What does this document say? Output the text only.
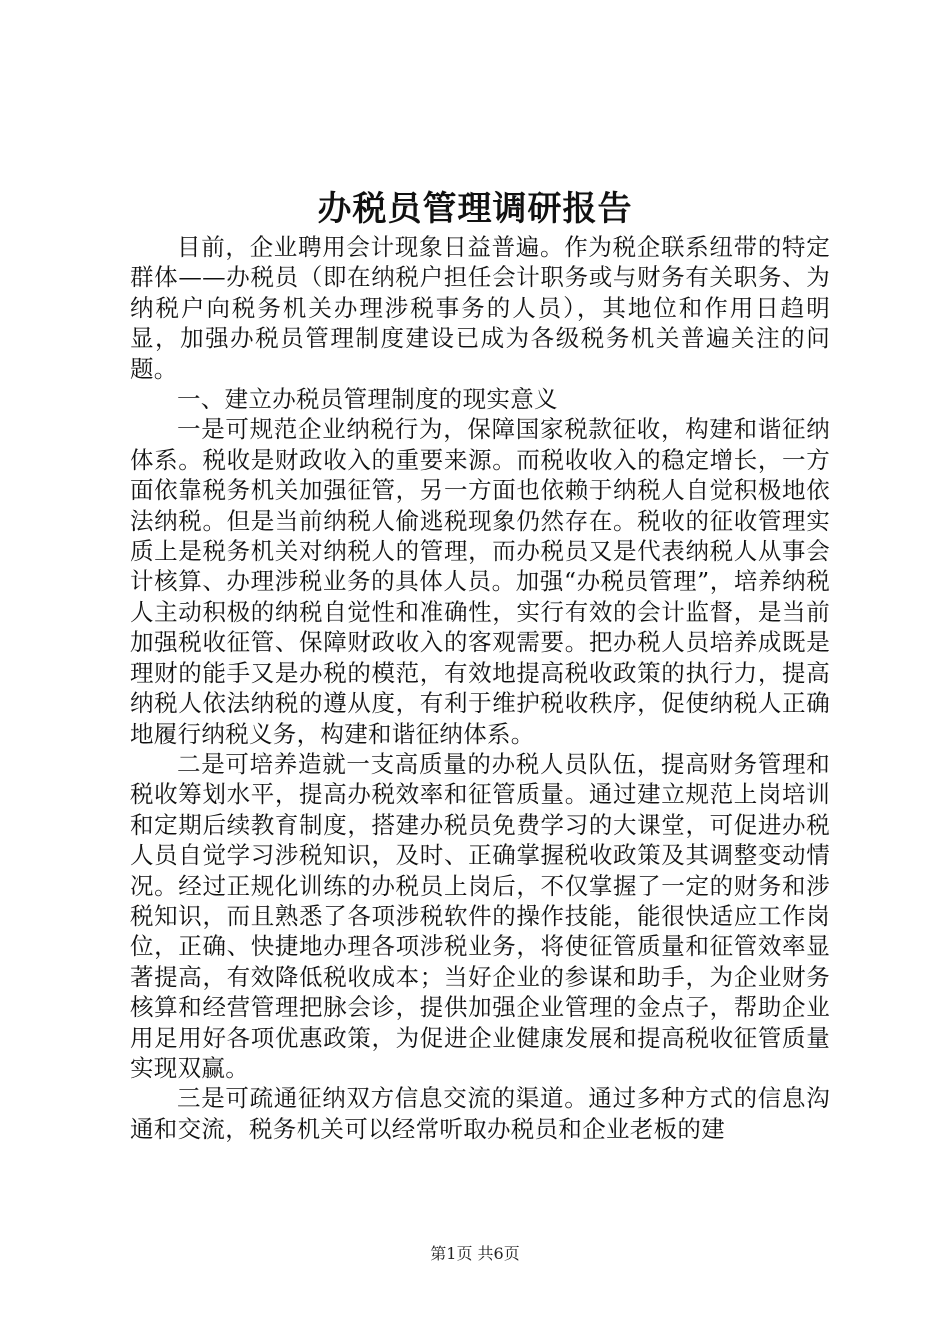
办税员管理调研报告

目前，企业聘用会计现象日益普遍。作为税企联系纽带的特定群体——办税员（即在纳税户担任会计职务或与财务有关职务、为纳税户向税务机关办理涉税事务的人员），其地位和作用日趋明显，加强办税员管理制度建设已成为各级税务机关普遍关注的问题。

一、建立办税员管理制度的现实意义

一是可规范企业纳税行为，保障国家税款征收，构建和谐征纳体系。税收是财政收入的重要来源。而税收收入的稳定增长，一方面依靠税务机关加强征管，另一方面也依赖于纳税人自觉积极地依法纳税。但是当前纳税人偷逃税现象仍然存在。税收的征收管理实质上是税务机关对纳税人的管理，而办税员又是代表纳税人从事会计核算、办理涉税业务的具体人员。加强“办税员管理”，培养纳税人主动积极的纳税自觉性和准确性，实行有效的会计监督，是当前加强税收征管、保障财政收入的客观需要。把办税人员培养成既是理财的能手又是办税的模范，有效地提高税收政策的执行力，提高纳税人依法纳税的遵从度，有利于维护税收秩序，促使纳税人正确地履行纳税义务，构建和谐征纳体系。

二是可培养造就一支高质量的办税人员队伍，提高财务管理和税收筹划水平，提高办税效率和征管质量。通过建立规范上岗培训和定期后续教育制度，搭建办税员免费学习的大课堂，可促进办税人员自觉学习涉税知识，及时、正确掌握税收政策及其调整变动情况。经过正规化训练的办税员上岗后，不仅掌握了一定的财务和涉税知识，而且熟悉了各项涉税软件的操作技能，能很快适应工作岗位，正确、快捷地办理各项涉税业务，将使征管质量和征管效率显著提高，有效降低税收成本；当好企业的参谋和助手，为企业财务核算和经营管理把脉会诊，提供加强企业管理的金点子，帮助企业用足用好各项优惠政策，为促进企业健康发展和提高税收征管质量实现双赢。

三是可疏通征纳双方信息交流的渠道。通过多种方式的信息沟通和交流，税务机关可以经常听取办税员和企业老板的建

第1页 共6页
